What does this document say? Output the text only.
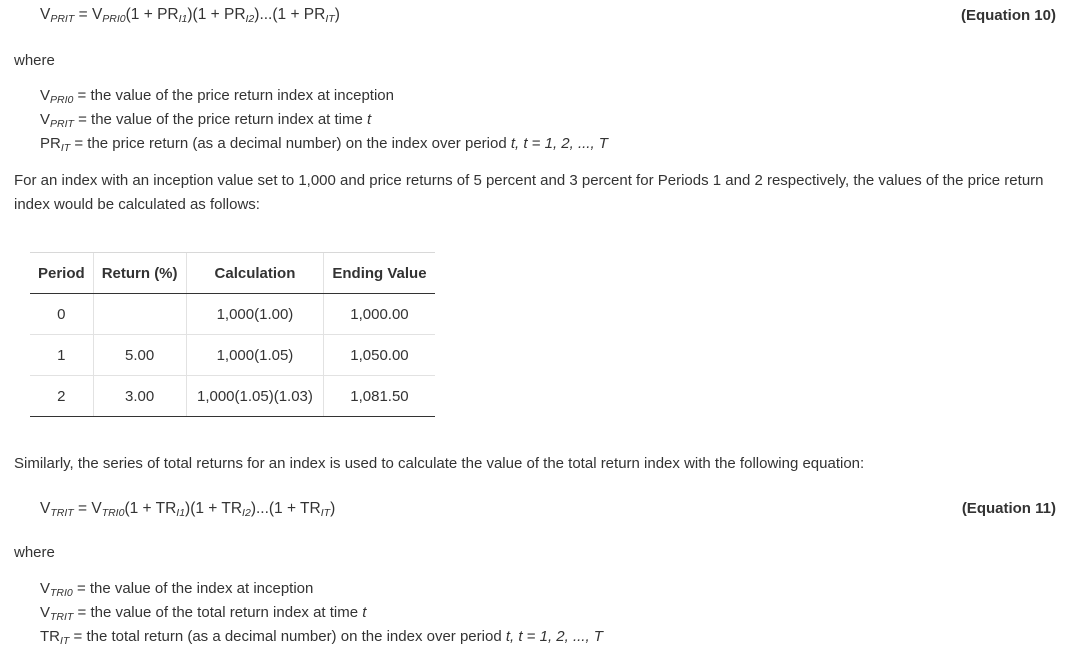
$V_{PRIT} = V_{PRI0}(1 + PR_{I1})(1 + PR_{I2})...(1 + PR_{IT})$	(Equation 10)
where
$V_{PRI0}$ = the value of the price return index at inception
$V_{PRIT}$ = the value of the price return index at time t
$PR_{IT}$ = the price return (as a decimal number) on the index over period t, t = 1, 2, ..., T
For an index with an inception value set to 1,000 and price returns of 5 percent and 3 percent for Periods 1 and 2 respectively, the values of the price return index would be calculated as follows:
Period	Return (%)	Calculation	Ending Value
0		1,000(1.00)	1,000.00
1	5.00	1,000(1.05)	1,050.00
2	3.00	1,000(1.05)(1.03)	1,081.50
Similarly, the series of total returns for an index is used to calculate the value of the total return index with the following equation:
$V_{TRIT} = V_{TRI0}(1 + TR_{I1})(1 + TR_{I2})...(1 + TR_{IT})$	(Equation 11)
where
$V_{TRI0}$ = the value of the index at inception
$V_{TRIT}$ = the value of the total return index at time t
$TR_{IT}$ = the total return (as a decimal number) on the index over period t, t = 1, 2, ..., T
